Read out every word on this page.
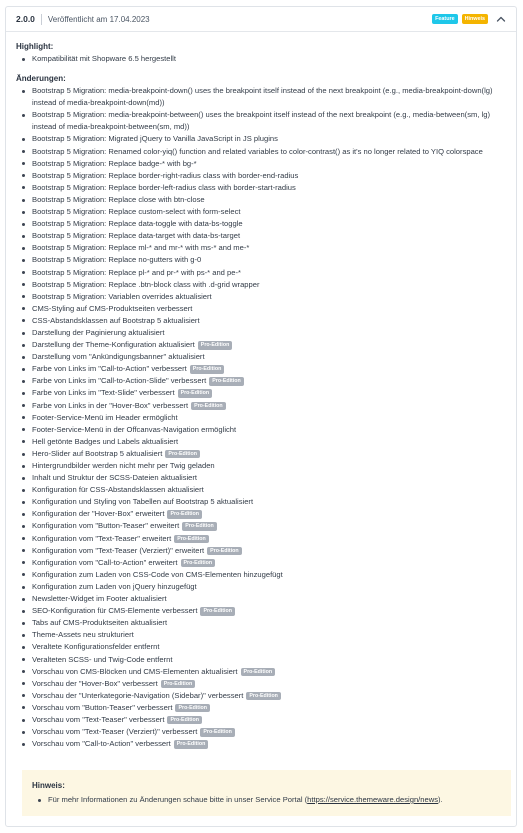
2.0.0 Veröffentlicht am 17.04.2023	Feature	Hinweis
Highlight:
Kompatibilität mit Shopware 6.5 hergestellt
Änderungen:
Bootstrap 5 Migration: media-breakpoint-down() uses the breakpoint itself instead of the next breakpoint (e.g., media-breakpoint-down(lg) instead of media-breakpoint-down(md))
Bootstrap 5 Migration: media-breakpoint-between() uses the breakpoint itself instead of the next breakpoint (e.g., media-between(sm, lg) instead of media-breakpoint-between(sm, md))
Bootstrap 5 Migration: Migrated jQuery to Vanilla JavaScript in JS plugins
Bootstrap 5 Migration: Renamed color-yiq() function and related variables to color-contrast() as it's no longer related to YIQ colorspace
Bootstrap 5 Migration: Replace badge-* with bg-*
Bootstrap 5 Migration: Replace border-right-radius class with border-end-radius
Bootstrap 5 Migration: Replace border-left-radius class with border-start-radius
Bootstrap 5 Migration: Replace close with btn-close
Bootstrap 5 Migration: Replace custom-select with form-select
Bootstrap 5 Migration: Replace data-toggle with data-bs-toggle
Bootstrap 5 Migration: Replace data-target with data-bs-target
Bootstrap 5 Migration: Replace ml-* and mr-* with ms-* and me-*
Bootstrap 5 Migration: Replace no-gutters with g-0
Bootstrap 5 Migration: Replace pl-* and pr-* with ps-* and pe-*
Bootstrap 5 Migration: Replace .btn-block class with .d-grid wrapper
Bootstrap 5 Migration: Variablen overrides aktualisiert
CMS-Styling auf CMS-Produktseiten verbessert
CSS-Abstandsklassen auf Bootstrap 5 aktualisiert
Darstellung der Paginierung aktualisiert
Darstellung der Theme-Konfiguration aktualisiert Pro-Edition
Darstellung vom "Ankündigungsbanner" aktualisiert
Farbe von Links im "Call-to-Action" verbessert Pro-Edition
Farbe von Links im "Call-to-Action-Slide" verbessert Pro-Edition
Farbe von Links im "Text-Slide" verbessert Pro-Edition
Farbe von Links in der "Hover-Box" verbessert Pro-Edition
Footer-Service-Menü im Header ermöglicht
Footer-Service-Menü in der Offcanvas-Navigation ermöglicht
Hell getönte Badges und Labels aktualisiert
Hero-Slider auf Bootstrap 5 aktualisiert Pro-Edition
Hintergrundbilder werden nicht mehr per Twig geladen
Inhalt und Struktur der SCSS-Dateien aktualisiert
Konfiguration für CSS-Abstandsklassen aktualisiert
Konfiguration und Styling von Tabellen auf Bootstrap 5 aktualisiert
Konfiguration der "Hover-Box" erweitert Pro-Edition
Konfiguration vom "Button-Teaser" erweitert Pro-Edition
Konfiguration vom "Text-Teaser" erweitert Pro-Edition
Konfiguration vom "Text-Teaser (Verziert)" erweitert Pro-Edition
Konfiguration vom "Call-to-Action" erweitert Pro-Edition
Konfiguration zum Laden von CSS-Code von CMS-Elementen hinzugefügt
Konfiguration zum Laden von jQuery hinzugefügt
Newsletter-Widget im Footer aktualisiert
SEO-Konfiguration für CMS-Elemente verbessert Pro-Edition
Tabs auf CMS-Produktseiten aktualisiert
Theme-Assets neu strukturiert
Veraltete Konfigurationsfelder entfernt
Veralteten SCSS- und Twig-Code entfernt
Vorschau von CMS-Blöcken und CMS-Elementen aktualisiert Pro-Edition
Vorschau der "Hover-Box" verbessert Pro-Edition
Vorschau der "Unterkategorie-Navigation (Sidebar)" verbessert Pro-Edition
Vorschau vom "Button-Teaser" verbessert Pro-Edition
Vorschau vom "Text-Teaser" verbessert Pro-Edition
Vorschau vom "Text-Teaser (Verziert)" verbessert Pro-Edition
Vorschau vom "Call-to-Action" verbessert Pro-Edition
Hinweis:
Für mehr Informationen zu Änderungen schaue bitte in unser Service Portal (https://service.themeware.design/news).
